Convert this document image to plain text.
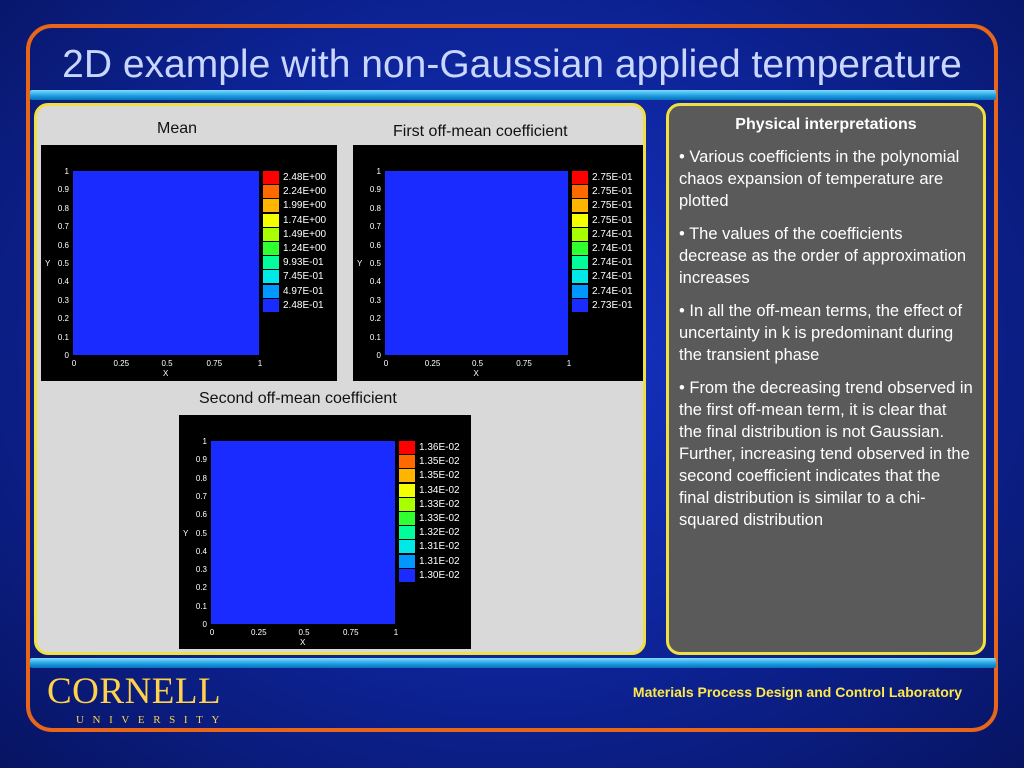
2D example with non-Gaussian applied temperature
Mean	First off-mean coefficient
Second off-mean coefficient
1
0.9
0.8
0.7
0.6
0.5
0.4
0.3
0.2
0.1
0
0	0.25	0.5	0.75	1
X
Y
2.48E+00
2.24E+00
1.99E+00
1.74E+00
1.49E+00
1.24E+00
9.93E-01
7.45E-01
4.97E-01
2.48E-01
1
0.9
0.8
0.7
0.6
0.5
0.4
0.3
0.2
0.1
0
0	0.25	0.5	0.75	1
X
Y
2.75E-01
2.75E-01
2.75E-01
2.75E-01
2.74E-01
2.74E-01
2.74E-01
2.74E-01
2.74E-01
2.73E-01
1
0.9
0.8
0.7
0.6
0.5
0.4
0.3
0.2
0.1
0
0	0.25	0.5	0.75	1
X
Y
1.36E-02
1.35E-02
1.35E-02
1.34E-02
1.33E-02
1.33E-02
1.32E-02
1.31E-02
1.31E-02
1.30E-02
Physical interpretations
• Various coefficients in the polynomial chaos expansion of temperature are plotted
• The values of the coefficients decrease as the order of approximation increases
• In all the off-mean terms, the effect of uncertainty in k is predominant during the transient phase
• From the decreasing trend observed in the first off-mean term, it is clear that the final distribution is not Gaussian. Further, increasing tend observed in the second coefficient indicates that the final distribution is similar to a chi-squared distribution
CORNELL
UNIVERSITY
Materials Process Design and Control Laboratory
